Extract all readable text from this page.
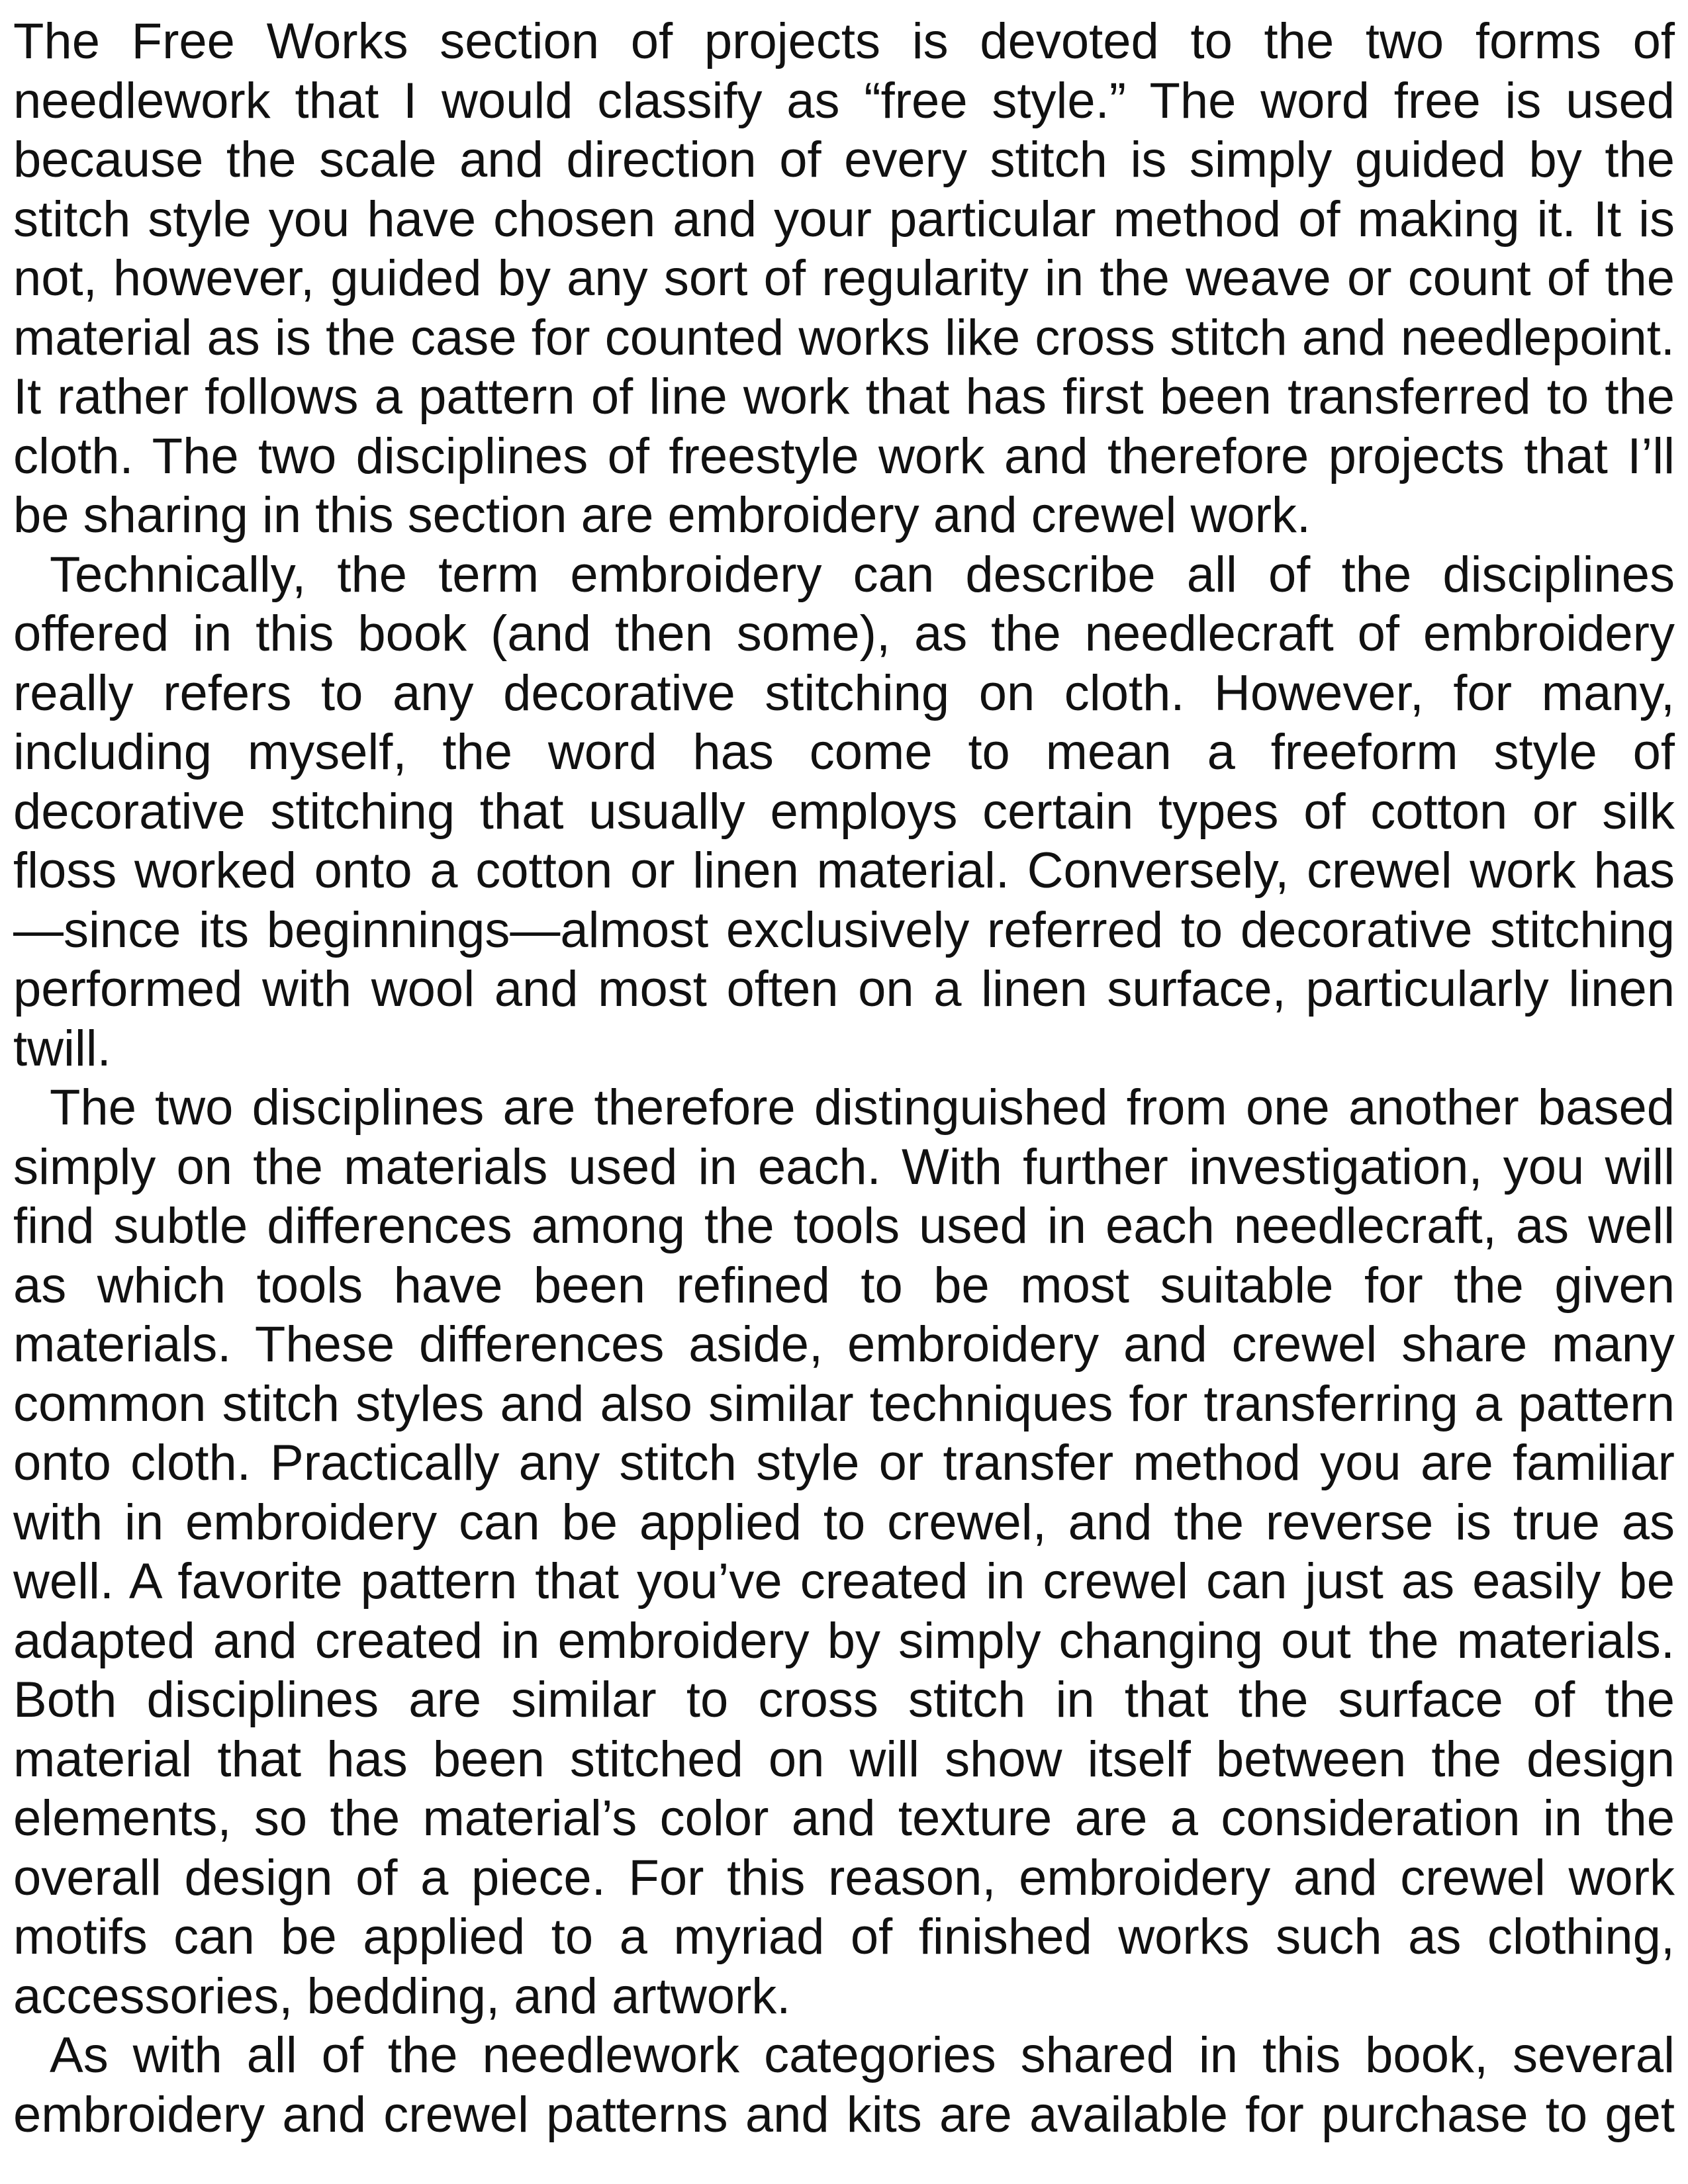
The Free Works section of projects is devoted to the two forms of needlework that I would classify as “free style.” The word free is used because the scale and direction of every stitch is simply guided by the stitch style you have chosen and your particular method of making it. It is not, however, guided by any sort of regularity in the weave or count of the material as is the case for counted works like cross stitch and needlepoint. It rather follows a pattern of line work that has first been transferred to the cloth. The two disciplines of freestyle work and therefore projects that I’ll be sharing in this section are embroidery and crewel work.

Technically, the term embroidery can describe all of the disciplines offered in this book (and then some), as the needlecraft of embroidery really refers to any decorative stitching on cloth. However, for many, including myself, the word has come to mean a freeform style of decorative stitching that usually employs certain types of cotton or silk floss worked onto a cotton or linen material. Conversely, crewel work has —since its beginnings—almost exclusively referred to decorative stitching performed with wool and most often on a linen surface, particularly linen twill.

The two disciplines are therefore distinguished from one another based simply on the materials used in each. With further investigation, you will find subtle differences among the tools used in each needlecraft, as well as which tools have been refined to be most suitable for the given materials. These differences aside, embroidery and crewel share many common stitch styles and also similar techniques for transferring a pattern onto cloth. Practically any stitch style or transfer method you are familiar with in embroidery can be applied to crewel, and the reverse is true as well. A favorite pattern that you’ve created in crewel can just as easily be adapted and created in embroidery by simply changing out the materials. Both disciplines are similar to cross stitch in that the surface of the material that has been stitched on will show itself between the design elements, so the material’s color and texture are a consideration in the overall design of a piece. For this reason, embroidery and crewel work motifs can be applied to a myriad of finished works such as clothing, accessories, bedding, and artwork.

As with all of the needlework categories shared in this book, several embroidery and crewel patterns and kits are available for purchase to get
